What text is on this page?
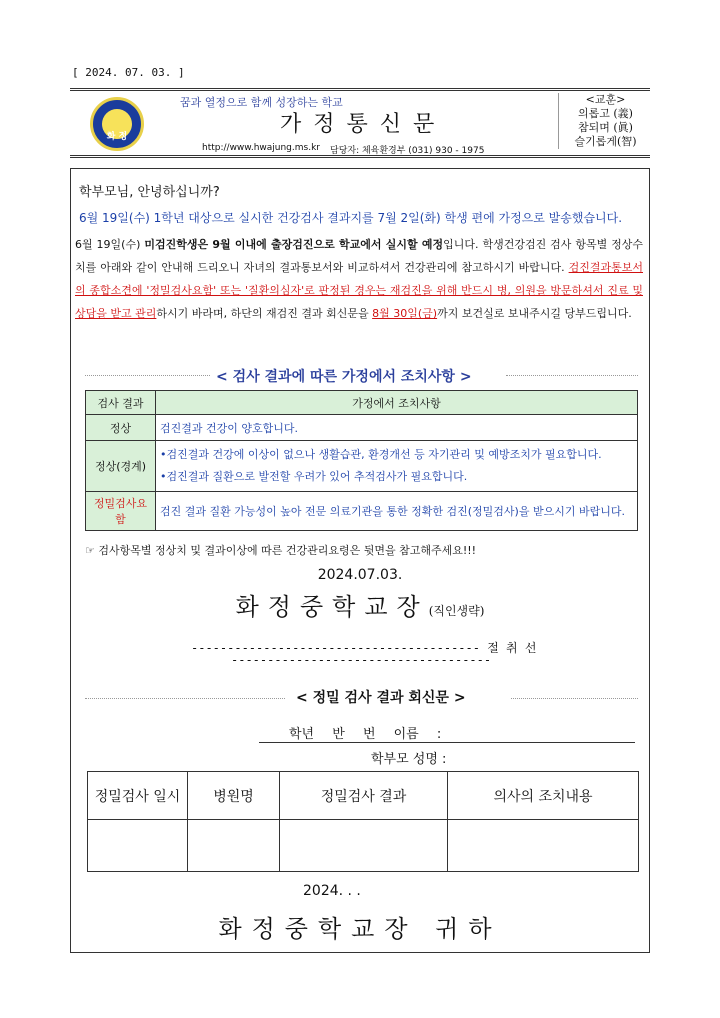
[ 2024. 07. 03. ]
화 정
꿈과 열정으로 함께 성장하는 학교
가정통신문
http://www.hwajung.ms.kr 담당자: 체육환경부 (031) 930 - 1975
<교훈>
의롭고 (義)
참되며 (眞)
슬기롭게(智)
학부모님, 안녕하십니까?
6월 19일(수) 1학년 대상으로 실시한 건강검사 결과지를 7월 2일(화) 학생 편에 가정으로 발송했습니다.
6월 19일(수) 미검진학생은 9월 이내에 출장검진으로 학교에서 실시할 예정입니다. 학생건강검진 검사 항목별 정상수치를 아래와 같이 안내해 드리오니 자녀의 결과통보서와 비교하셔서 건강관리에 참고하시기 바랍니다. 검진결과통보서의 종합소견에 '정밀검사요함' 또는 '질환의심자'로 판정된 경우는 재검진을 위해 반드시 병, 의원을 방문하셔서 진료 및 상담을 받고 관리하시기 바라며, 하단의 재검진 결과 회신문을 8월 30일(금)까지 보건실로 보내주시길 당부드립니다.
< 검사 결과에 따른 가정에서 조치사항 >
검사 결과	가정에서 조치사항
정상	검진결과 건강이 양호합니다.
정상(경계)	•검진결과 건강에 이상이 없으나 생활습관, 환경개선 등 자기관리 및 예방조치가 필요합니다.
•검진결과 질환으로 발전할 우려가 있어 추적검사가 필요합니다.

정밀검사요함	검진 결과 질환 가능성이 높아 전문 의료기관을 통한 정확한 검진(정밀검사)을 받으시기 바랍니다.
☞ 검사항목별 정상치 및 결과이상에 따른 건강관리요령은 뒷면을 참고해주세요!!!
2024.07.03.
화정중학교장(직인생략)
---------------------------------------- 절 취 선
------------------------------------
< 정밀 검사 결과 회신문 >
학년 반 번 이름 :
학부모 성명 :
정밀검사 일시	병원명	정밀검사 결과	의사의 조치내용

2024. . .
화정중학교장 귀하
